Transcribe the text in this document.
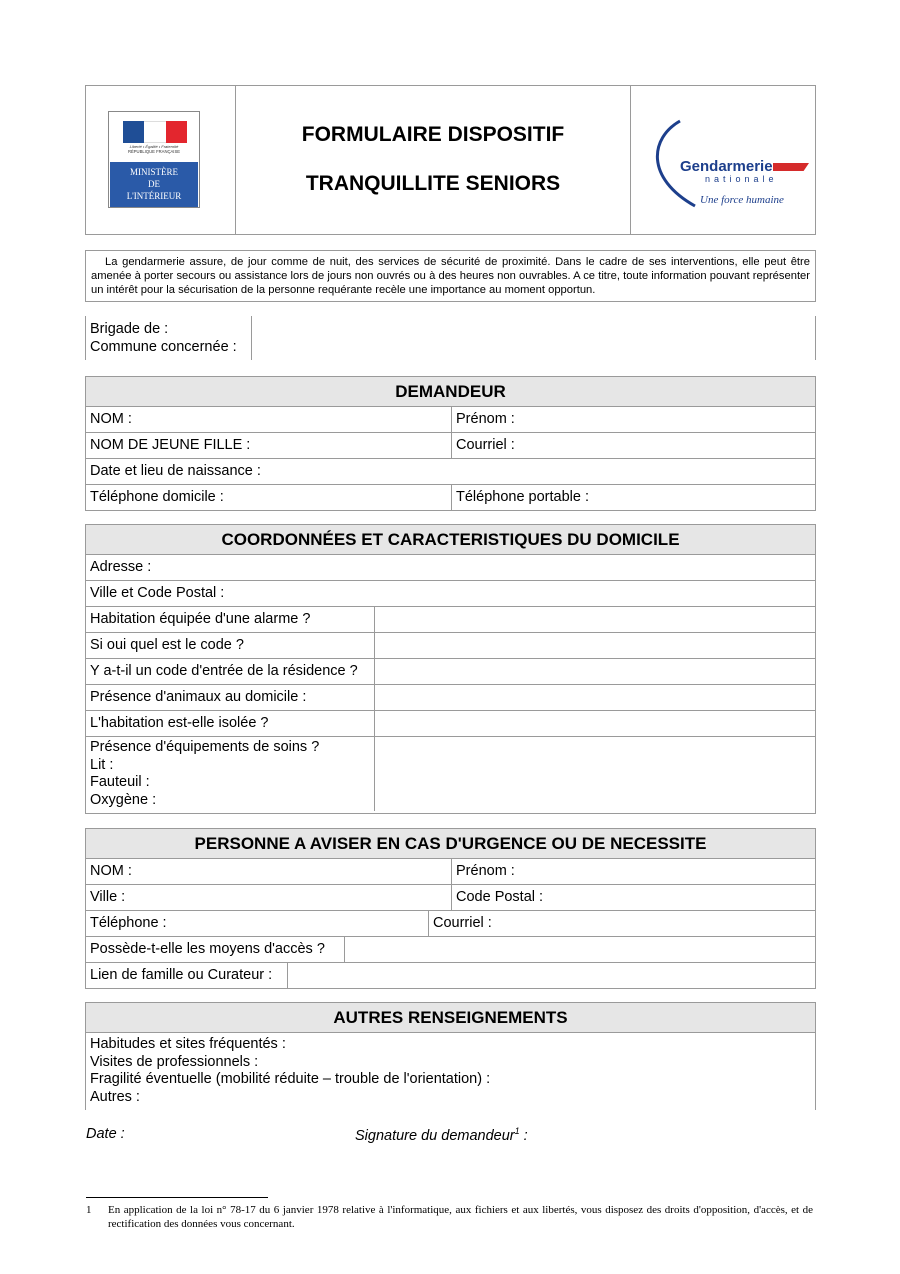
Liberté • Égalité • Fraternité
RÉPUBLIQUE FRANÇAISE
MINISTÈRE
DE
L'INTÉRIEUR
FORMULAIRE DISPOSITIF
TRANQUILLITE SENIORS
Gendarmerie
nationale
Une force humaine
La gendarmerie assure, de jour comme de nuit, des services de sécurité de proximité. Dans le cadre de ses interventions, elle peut être amenée à porter secours ou assistance lors de jours non ouvrés ou à des heures non ouvrables. A ce titre, toute information pouvant représenter un intérêt pour la sécurisation de la personne requérante recèle une importance au moment opportun.
Brigade de :
Commune concernée :
DEMANDEUR
NOM :	Prénom :
NOM DE JEUNE FILLE :	Courriel :
Date et lieu de naissance :
Téléphone domicile :	Téléphone portable :
COORDONNÉES ET CARACTERISTIQUES DU DOMICILE
Adresse :
Ville et Code Postal :
Habitation équipée d'une alarme ?
Si oui quel est le code ?
Y a-t-il un code d'entrée de la résidence ?
Présence d'animaux au domicile :
L'habitation est-elle isolée ?
Présence d'équipements de soins ?
Lit :
Fauteuil :
Oxygène :
PERSONNE A AVISER EN CAS D'URGENCE OU DE NECESSITE
NOM :	Prénom :
Ville :	Code Postal :
Téléphone :	Courriel :
Possède-t-elle les moyens d'accès ?
Lien de famille ou Curateur :
AUTRES RENSEIGNEMENTS
Habitudes et sites fréquentés :
Visites de professionnels :
Fragilité éventuelle (mobilité réduite – trouble de l'orientation) :
Autres :
Date :	Signature du demandeur$^1$ :
1	En application de la loi n° 78-17 du 6 janvier 1978 relative à l'informatique, aux fichiers et aux libertés, vous disposez des droits d'opposition, d'accès, et de rectification des données vous concernant.
